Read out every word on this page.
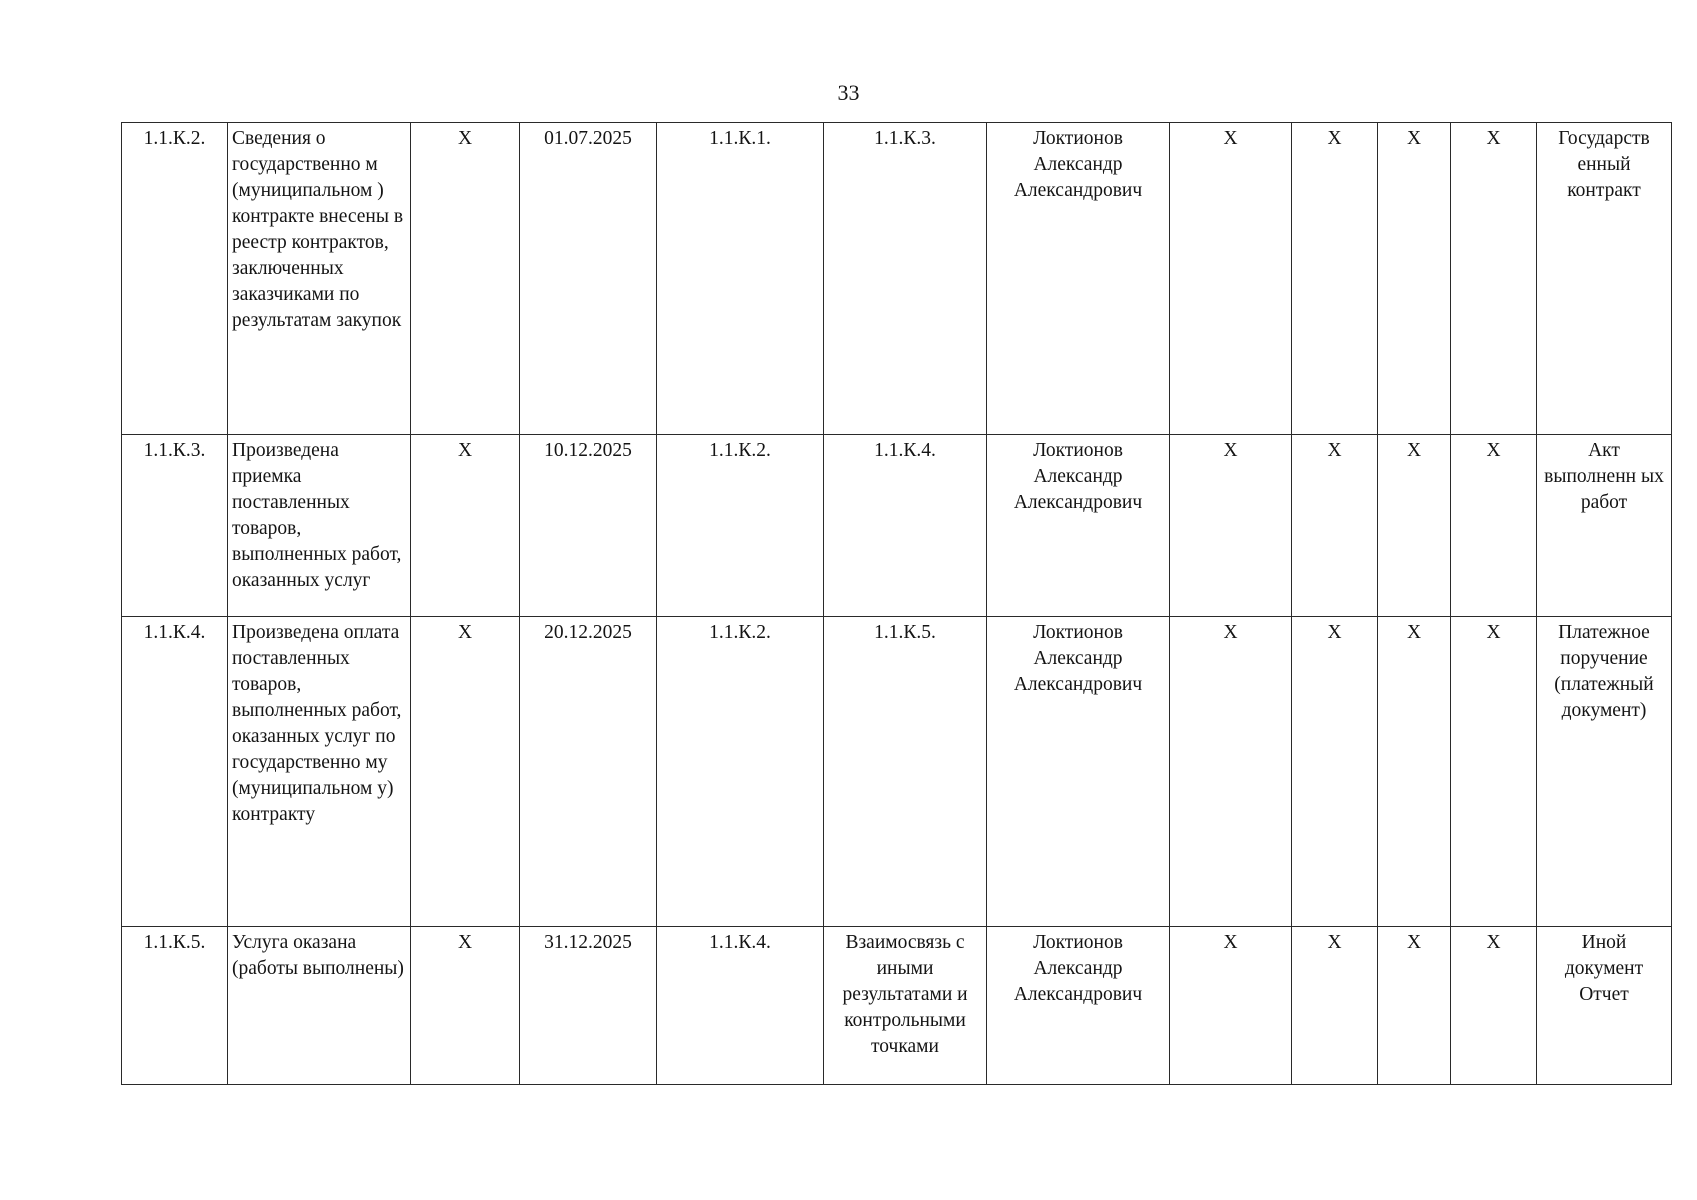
33
1.1.К.2.	Сведения о государственно м (муниципальном ) контракте внесены в реестр контрактов, заключенных заказчиками по результатам закупок	Х	01.07.2025	1.1.К.1.	1.1.К.3.	Локтионов Александр Александрович	Х	Х	Х	Х	Государств енный контракт
1.1.К.3.	Произведена приемка поставленных товаров, выполненных работ, оказанных услуг	Х	10.12.2025	1.1.К.2.	1.1.К.4.	Локтионов Александр Александрович	Х	Х	Х	Х	Акт выполненн ых работ
1.1.К.4.	Произведена оплата поставленных товаров, выполненных работ, оказанных услуг по государственно му (муниципальном у) контракту	Х	20.12.2025	1.1.К.2.	1.1.К.5.	Локтионов Александр Александрович	Х	Х	Х	Х	Платежное поручение (платежный документ)
1.1.К.5.	Услуга оказана (работы выполнены)	Х	31.12.2025	1.1.К.4.	Взаимосвязь с иными результатами и контрольными точками	Локтионов Александр Александрович	Х	Х	Х	Х	Иной документ Отчет
